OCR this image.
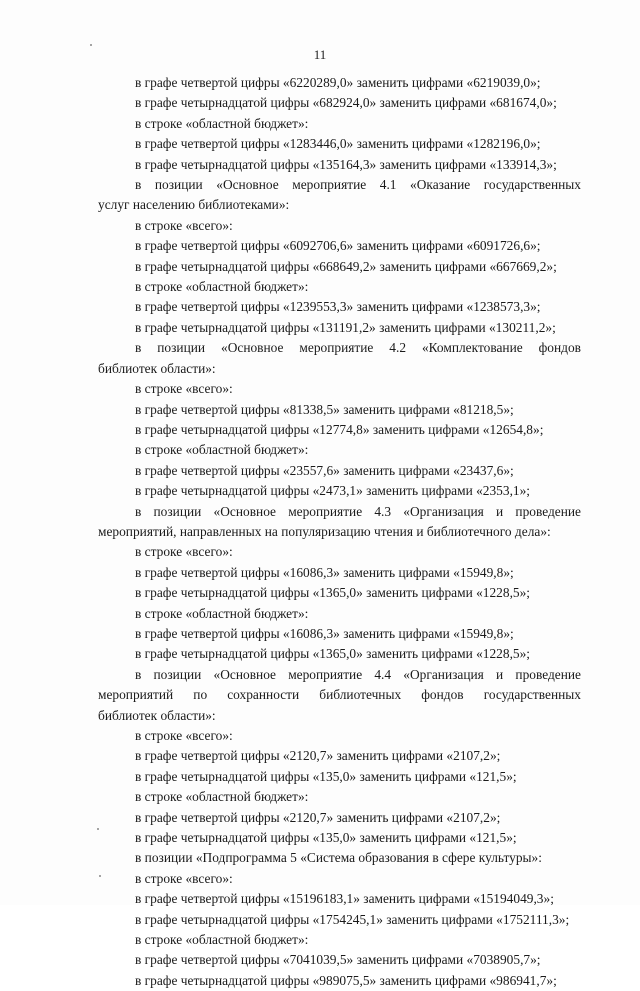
11
в графе четвертой цифры «6220289,0» заменить цифрами «6219039,0»;
в графе четырнадцатой цифры «682924,0» заменить цифрами «681674,0»;
в строке «областной бюджет»:
в графе четвертой цифры «1283446,0» заменить цифрами «1282196,0»;
в графе четырнадцатой цифры «135164,3» заменить цифрами «133914,3»;
в позиции «Основное мероприятие 4.1 «Оказание государственных
услуг населению библиотеками»:
в строке «всего»:
в графе четвертой цифры «6092706,6» заменить цифрами «6091726,6»;
в графе четырнадцатой цифры «668649,2» заменить цифрами «667669,2»;
в строке «областной бюджет»:
в графе четвертой цифры «1239553,3» заменить цифрами «1238573,3»;
в графе четырнадцатой цифры «131191,2» заменить цифрами «130211,2»;
в позиции «Основное мероприятие 4.2 «Комплектование фондов
библиотек области»:
в строке «всего»:
в графе четвертой цифры «81338,5» заменить цифрами «81218,5»;
в графе четырнадцатой цифры «12774,8» заменить цифрами «12654,8»;
в строке «областной бюджет»:
в графе четвертой цифры «23557,6» заменить цифрами «23437,6»;
в графе четырнадцатой цифры «2473,1» заменить цифрами «2353,1»;
в позиции «Основное мероприятие 4.3 «Организация и проведение
мероприятий, направленных на популяризацию чтения и библиотечного дела»:
в строке «всего»:
в графе четвертой цифры «16086,3» заменить цифрами «15949,8»;
в графе четырнадцатой цифры «1365,0» заменить цифрами «1228,5»;
в строке «областной бюджет»:
в графе четвертой цифры «16086,3» заменить цифрами «15949,8»;
в графе четырнадцатой цифры «1365,0» заменить цифрами «1228,5»;
в позиции «Основное мероприятие 4.4 «Организация и проведение
мероприятий по сохранности библиотечных фондов государственных
библиотек области»:
в строке «всего»:
в графе четвертой цифры «2120,7» заменить цифрами «2107,2»;
в графе четырнадцатой цифры «135,0» заменить цифрами «121,5»;
в строке «областной бюджет»:
в графе четвертой цифры «2120,7» заменить цифрами «2107,2»;
в графе четырнадцатой цифры «135,0» заменить цифрами «121,5»;
в позиции «Подпрограмма 5 «Система образования в сфере культуры»:
в строке «всего»:
в графе четвертой цифры «15196183,1» заменить цифрами «15194049,3»;
в графе четырнадцатой цифры «1754245,1» заменить цифрами «1752111,3»;
в строке «областной бюджет»:
в графе четвертой цифры «7041039,5» заменить цифрами «7038905,7»;
в графе четырнадцатой цифры «989075,5» заменить цифрами «986941,7»;
